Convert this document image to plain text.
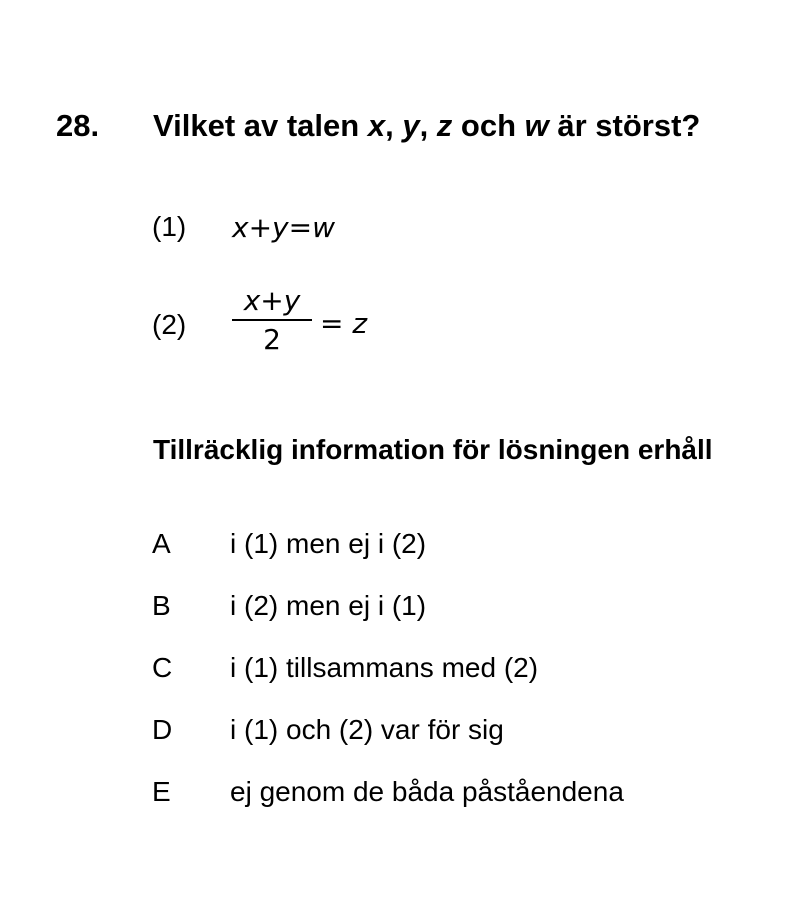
28. Vilket av talen x, y, z och w är störst?
(1) x+y=w
(2)
x+y
2	= z
Tillräcklig information för lösningen erhåll
A i (1) men ej i (2)
B i (2) men ej i (1)
C i (1) tillsammans med (2)
D i (1) och (2) var för sig
E ej genom de båda påståendena
